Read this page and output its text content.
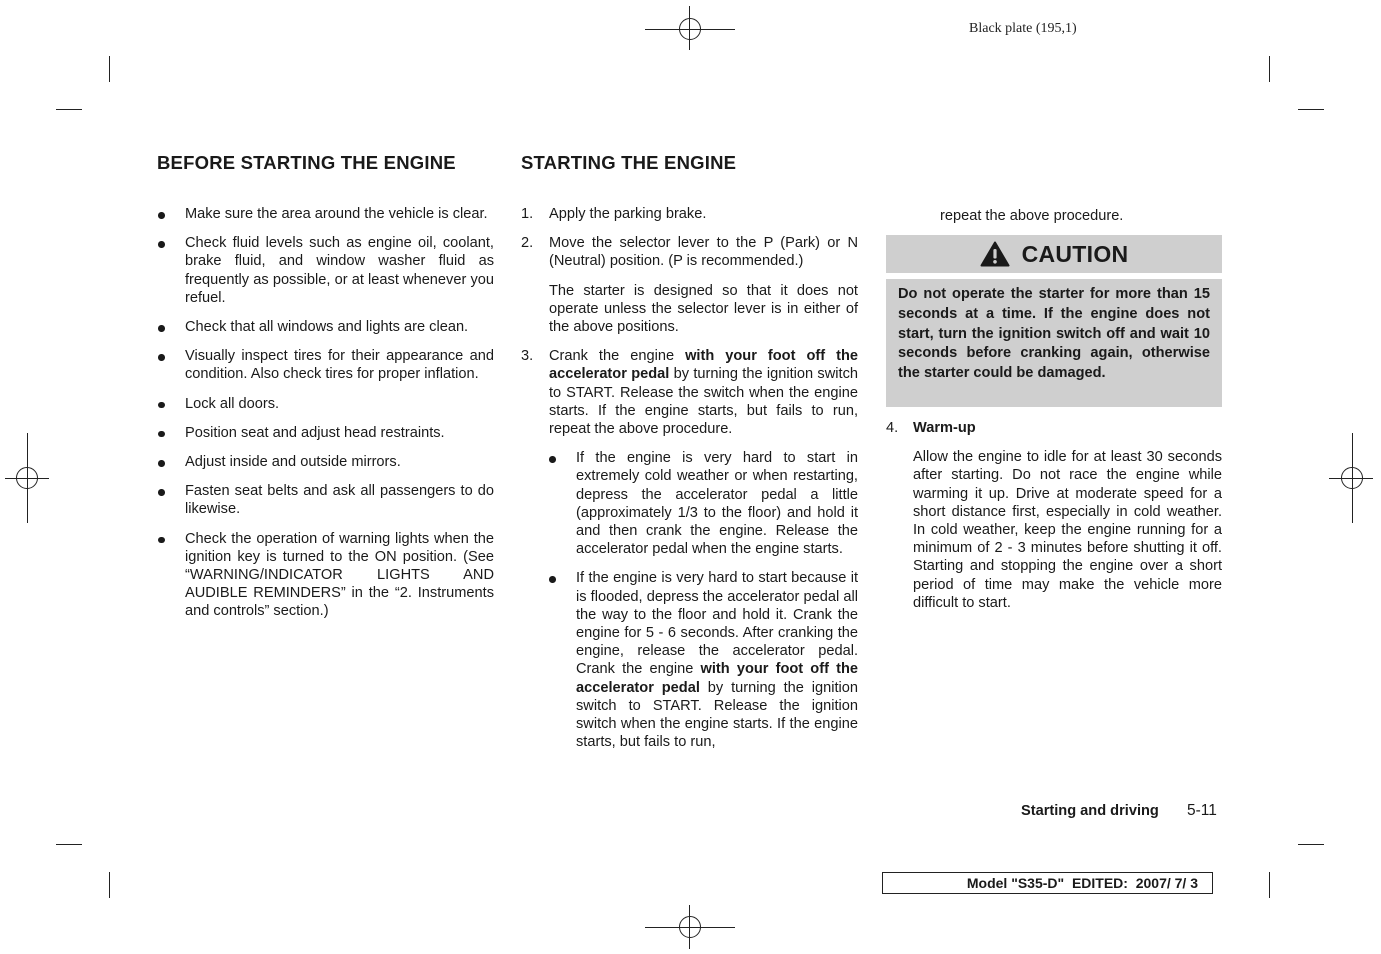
Black plate (195,1)
BEFORE STARTING THE ENGINE	STARTING THE ENGINE
Make sure the area around the vehicle is clear.
Check fluid levels such as engine oil, coolant, brake fluid, and window washer fluid as frequently as possible, or at least whenever you refuel.
Check that all windows and lights are clean.
Visually inspect tires for their appearance and condition. Also check tires for proper inflation.
Lock all doors.
Position seat and adjust head restraints.
Adjust inside and outside mirrors.
Fasten seat belts and ask all passengers to do likewise.
Check the operation of warning lights when the ignition key is turned to the ON position. (See “WARNING/INDICATOR LIGHTS AND AUDIBLE REMINDERS” in the “2. Instruments and controls” section.)
1. Apply the parking brake.
2. Move the selector lever to the P (Park) or N (Neutral) position. (P is recommended.)
The starter is designed so that it does not operate unless the selector lever is in either of the above positions.
3. Crank the engine with your foot off the accelerator pedal by turning the ignition switch to START. Release the switch when the engine starts. If the engine starts, but fails to run, repeat the above procedure.
If the engine is very hard to start in extremely cold weather or when restarting, depress the accelerator pedal a little (approximately 1/3 to the floor) and hold it and then crank the engine. Release the accelerator pedal when the engine starts.
If the engine is very hard to start because it is flooded, depress the accelerator pedal all the way to the floor and hold it. Crank the engine for 5 - 6 seconds. After cranking the engine, release the accelerator pedal. Crank the engine with your foot off the accelerator pedal by turning the ignition switch to START. Release the ignition switch when the engine starts. If the engine starts, but fails to run,
repeat the above procedure.
CAUTION
Do not operate the starter for more than 15 seconds at a time. If the engine does not start, turn the ignition switch off and wait 10 seconds before cranking again, otherwise the starter could be damaged.
4. Warm-up
Allow the engine to idle for at least 30 seconds after starting. Do not race the engine while warming it up. Drive at moderate speed for a short distance first, especially in cold weather. In cold weather, keep the engine running for a minimum of 2 - 3 minutes before shutting it off. Starting and stopping the engine over a short period of time may make the vehicle more difficult to start.
Starting and driving 5-11
Model "S35-D"  EDITED:  2007/ 7/ 3
